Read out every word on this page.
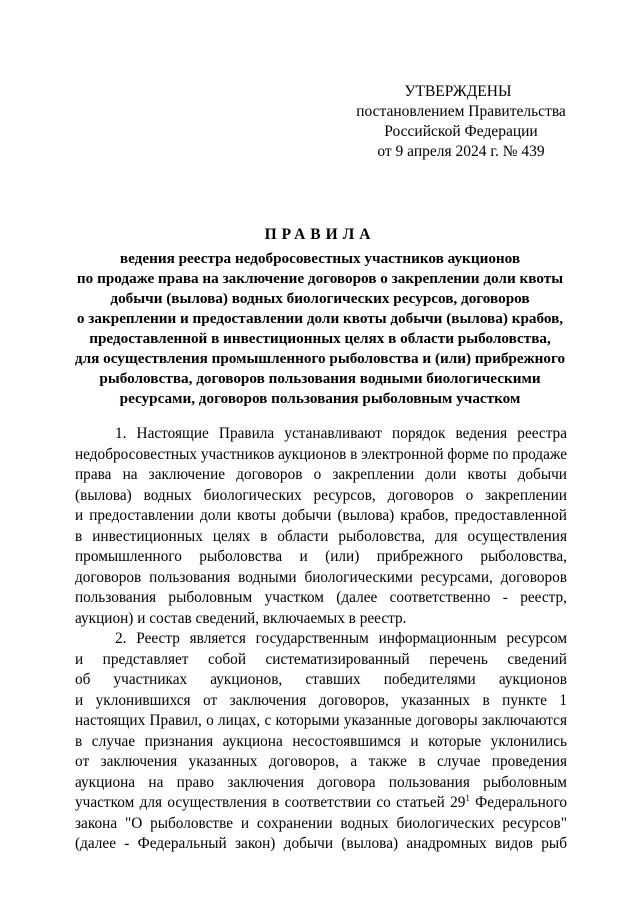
УТВЕРЖДЕНЫ
постановлением Правительства
Российской Федерации
от 9 апреля 2024 г. № 439
ПРАВИЛА
ведения реестра недобросовестных участников аукционов
по продаже права на заключение договоров о закреплении доли квоты
добычи (вылова) водных биологических ресурсов, договоров
о закреплении и предоставлении доли квоты добычи (вылова) крабов,
предоставленной в инвестиционных целях в области рыболовства,
для осуществления промышленного рыболовства и (или) прибрежного
рыболовства, договоров пользования водными биологическими
ресурсами, договоров пользования рыболовным участком
1. Настоящие Правила устанавливают порядок ведения реестра
недобросовестных участников аукционов в электронной форме по продаже
права на заключение договоров о закреплении доли квоты добычи
(вылова) водных биологических ресурсов, договоров о закреплении
и предоставлении доли квоты добычи (вылова) крабов, предоставленной
в инвестиционных целях в области рыболовства, для осуществления
промышленного рыболовства и (или) прибрежного рыболовства,
договоров пользования водными биологическими ресурсами, договоров
пользования рыболовным участком (далее соответственно - реестр,
аукцион) и состав сведений, включаемых в реестр.
2. Реестр является государственным информационным ресурсом
и представляет собой систематизированный перечень сведений
об участниках аукционов, ставших победителями аукционов
и уклонившихся от заключения договоров, указанных в пункте 1
настоящих Правил, о лицах, с которыми указанные договоры заключаются
в случае признания аукциона несостоявшимся и которые уклонились
от заключения указанных договоров, а также в случае проведения
аукциона на право заключения договора пользования рыболовным
участком для осуществления в соответствии со статьей $29^1$ Федерального
закона "О рыболовстве и сохранении водных биологических ресурсов"
(далее - Федеральный закон) добычи (вылова) анадромных видов рыб
